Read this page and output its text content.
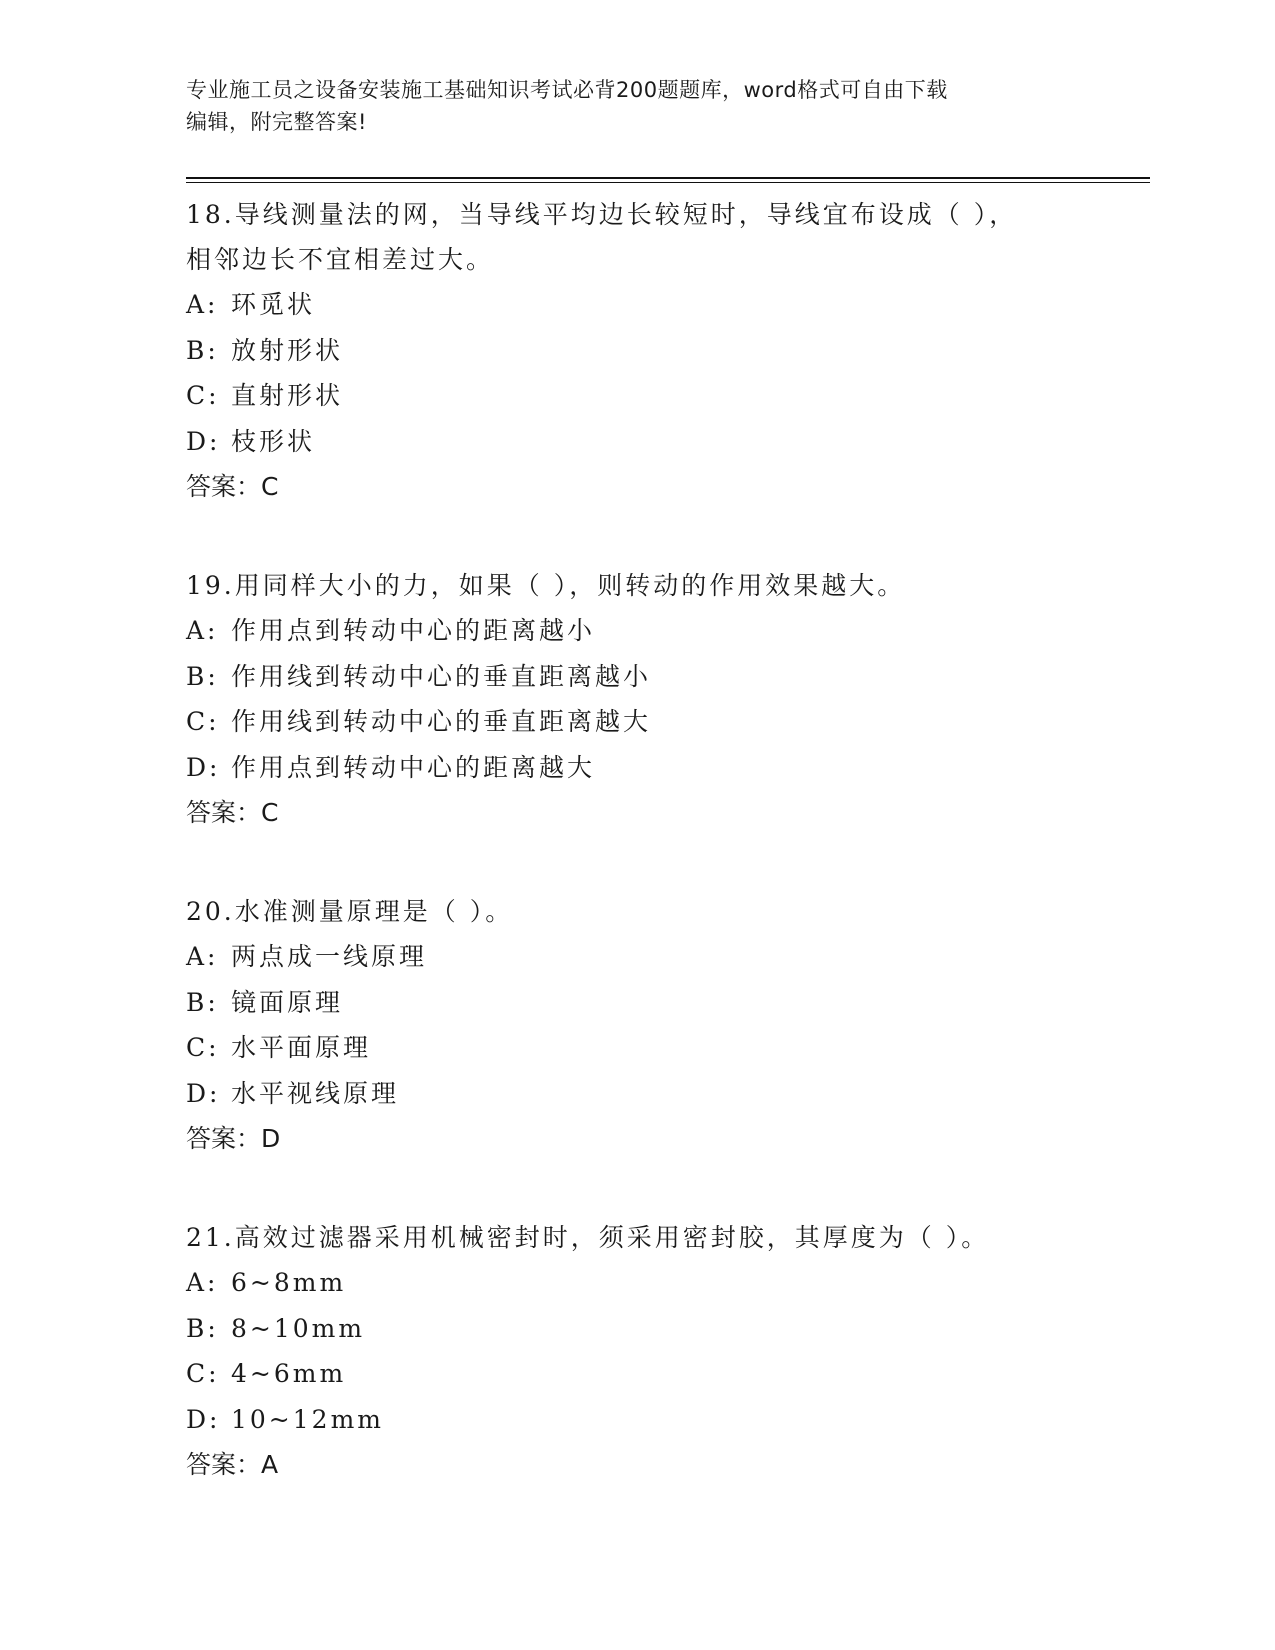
专业施工员之设备安装施工基础知识考试必背200题题库，word格式可自由下载
编辑，附完整答案!
18.导线测量法的网，当导线平均边长较短时，导线宜布设成（ ），
相邻边长不宜相差过大。
A: 环觅状
B: 放射形状
C: 直射形状
D: 枝形状
答案：C
19.用同样大小的力，如果（ ），则转动的作用效果越大。
A: 作用点到转动中心的距离越小
B: 作用线到转动中心的垂直距离越小
C: 作用线到转动中心的垂直距离越大
D: 作用点到转动中心的距离越大
答案：C
20.水准测量原理是（ ）。
A: 两点成一线原理
B: 镜面原理
C: 水平面原理
D: 水平视线原理
答案：D
21.高效过滤器采用机械密封时，须采用密封胶，其厚度为（ ）。
A: 6~8mm
B: 8~10mm
C: 4~6mm
D: 10~12mm
答案：A
